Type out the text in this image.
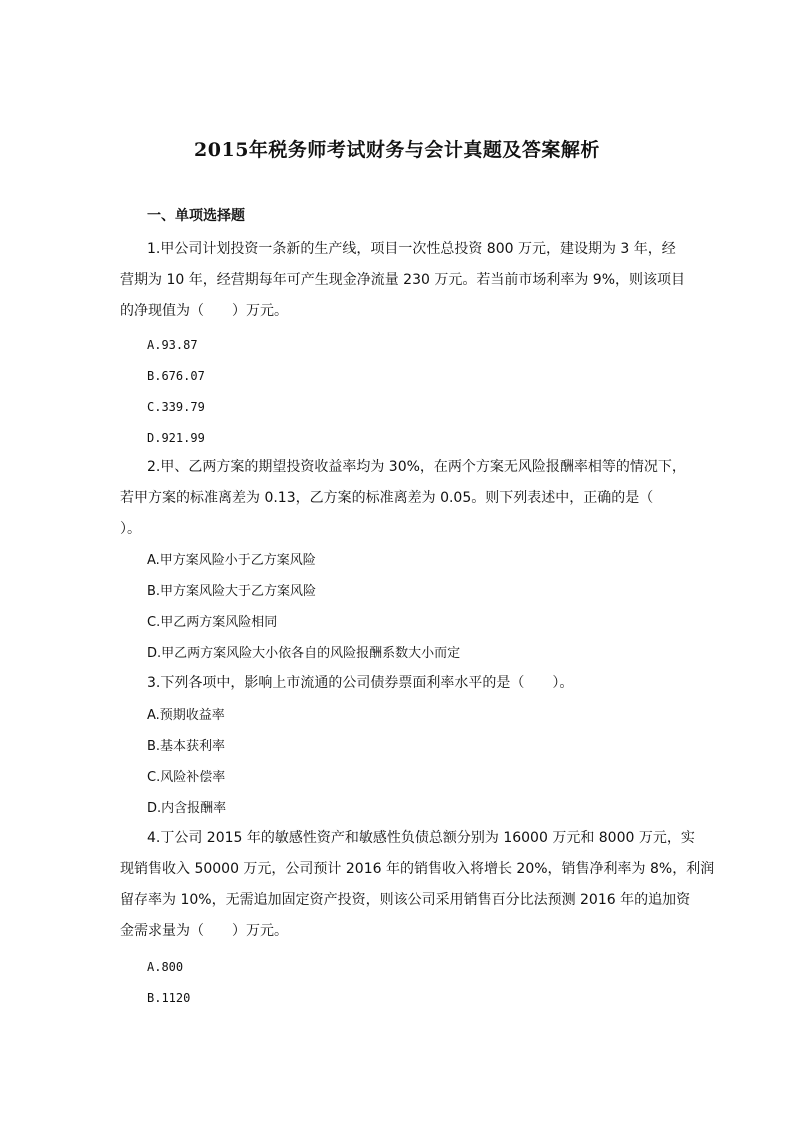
2015年税务师考试财务与会计真题及答案解析
一、单项选择题
1.甲公司计划投资一条新的生产线，项目一次性总投资 800 万元，建设期为 3 年，经
营期为 10 年，经营期每年可产生现金净流量 230 万元。若当前市场利率为 9%，则该项目
的净现值为（　　）万元。
A.93.87
B.676.07
C.339.79
D.921.99
2.甲、乙两方案的期望投资收益率均为 30%，在两个方案无风险报酬率相等的情况下，
若甲方案的标准离差为 0.13，乙方案的标准离差为 0.05。则下列表述中，正确的是（
）。
A.甲方案风险小于乙方案风险
B.甲方案风险大于乙方案风险
C.甲乙两方案风险相同
D.甲乙两方案风险大小依各自的风险报酬系数大小而定
3.下列各项中，影响上市流通的公司债券票面利率水平的是（　　）。
A.预期收益率
B.基本获利率
C.风险补偿率
D.内含报酬率
4.丁公司 2015 年的敏感性资产和敏感性负债总额分别为 16000 万元和 8000 万元，实
现销售收入 50000 万元，公司预计 2016 年的销售收入将增长 20%，销售净利率为 8%，利润
留存率为 10%，无需追加固定资产投资，则该公司采用销售百分比法预测 2016 年的追加资
金需求量为（　　）万元。
A.800
B.1120
